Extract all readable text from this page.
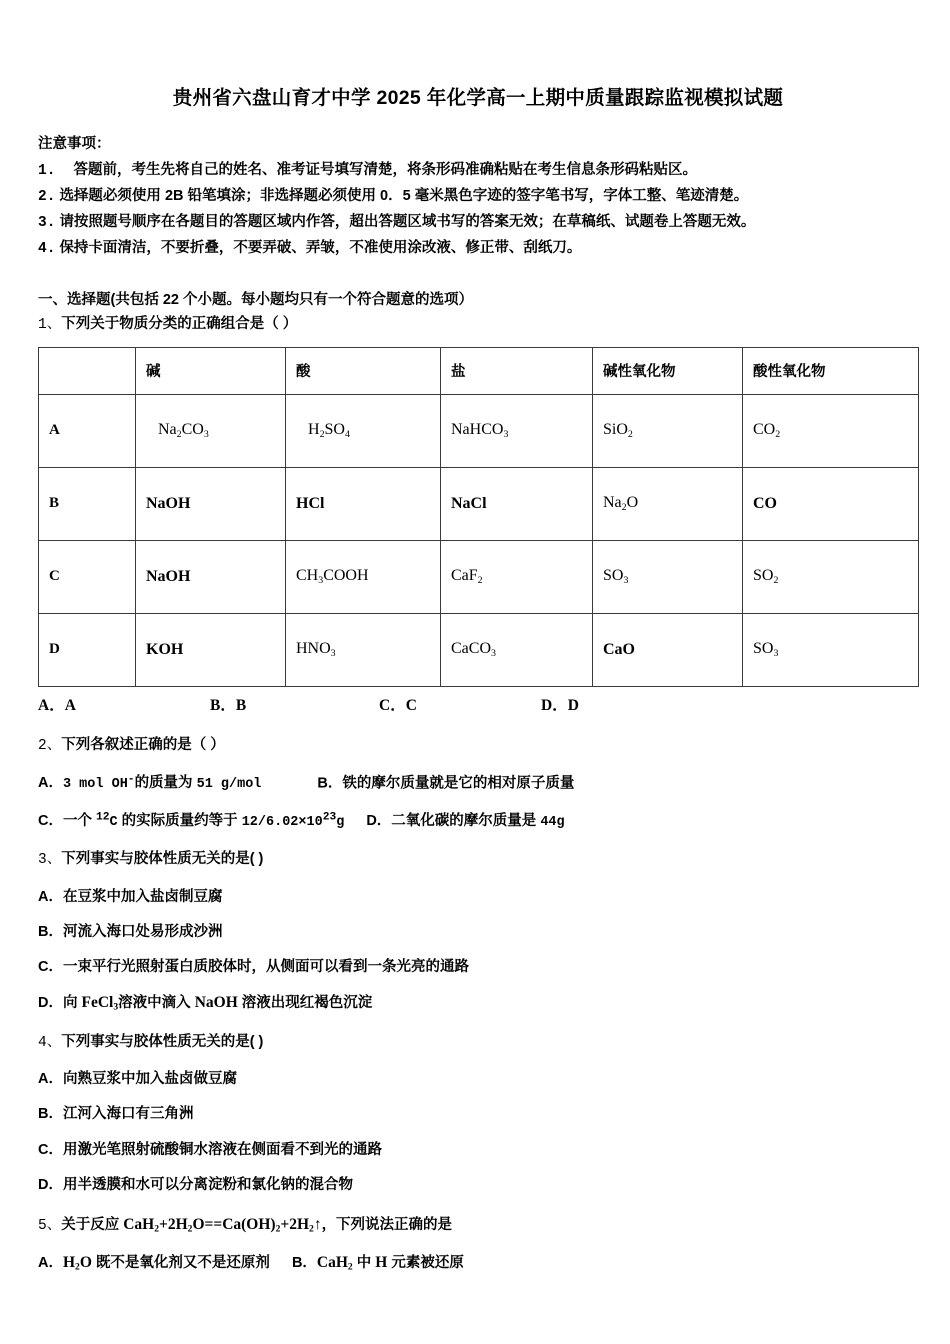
贵州省六盘山育才中学 2025 年化学高一上期中质量跟踪监视模拟试题
注意事项：
1. 答题前，考生先将自己的姓名、准考证号填写清楚，将条形码准确粘贴在考生信息条形码粘贴区。
2. 选择题必须使用 2B 铅笔填涂；非选择题必须使用 0．5 毫米黑色字迹的签字笔书写，字体工整、笔迹清楚。
3. 请按照题号顺序在各题目的答题区域内作答，超出答题区域书写的答案无效；在草稿纸、试题卷上答题无效。
4. 保持卡面清洁，不要折叠，不要弄破、弄皱，不准使用涂改液、修正带、刮纸刀。
一、选择题(共包括 22 个小题。每小题均只有一个符合题意的选项）
1、下列关于物质分类的正确组合是（ ）
	碱	酸	盐	碱性氧化物	酸性氧化物
A	$Na_2CO_3$	$H_2SO_4$	NaHCO$_3$	SiO$_2$	$CO_2$
B	NaOH	HCl	NaCl	$Na_2O$	CO
C	NaOH	$CH_3COOH$	CaF$_2$	$SO_3$	$SO_2$
D	KOH	$HNO_3$	CaCO$_3$	CaO	$SO_3$
A．A	B．B	C．C	D．D
2、下列各叙述正确的是（ ）
A．3 mol OH-的质量为 51 g/mol	B．铁的摩尔质量就是它的相对原子质量
C．一个 $^{12}$C 的实际质量约等于 $12/6.02\times 10^{23}g$ D．二氧化碳的摩尔质量是 44g
3、下列事实与胶体性质无关的是( )
A．在豆浆中加入盐卤制豆腐
B．河流入海口处易形成沙洲
C．一束平行光照射蛋白质胶体时，从侧面可以看到一条光亮的通路
D．向 FeCl$_3$溶液中滴入 NaOH 溶液出现红褐色沉淀
4、下列事实与胶体性质无关的是( )
A．向熟豆浆中加入盐卤做豆腐
B．江河入海口有三角洲
C．用激光笔照射硫酸铜水溶液在侧面看不到光的通路
D．用半透膜和水可以分离淀粉和氯化钠的混合物
5、关于反应 $CaH_2+2H_2O==Ca(OH)_2+2H_2↑$，下列说法正确的是
A．$H_2O$ 既不是氧化剂又不是还原剂 B．CaH$_2$ 中 H 元素被还原
